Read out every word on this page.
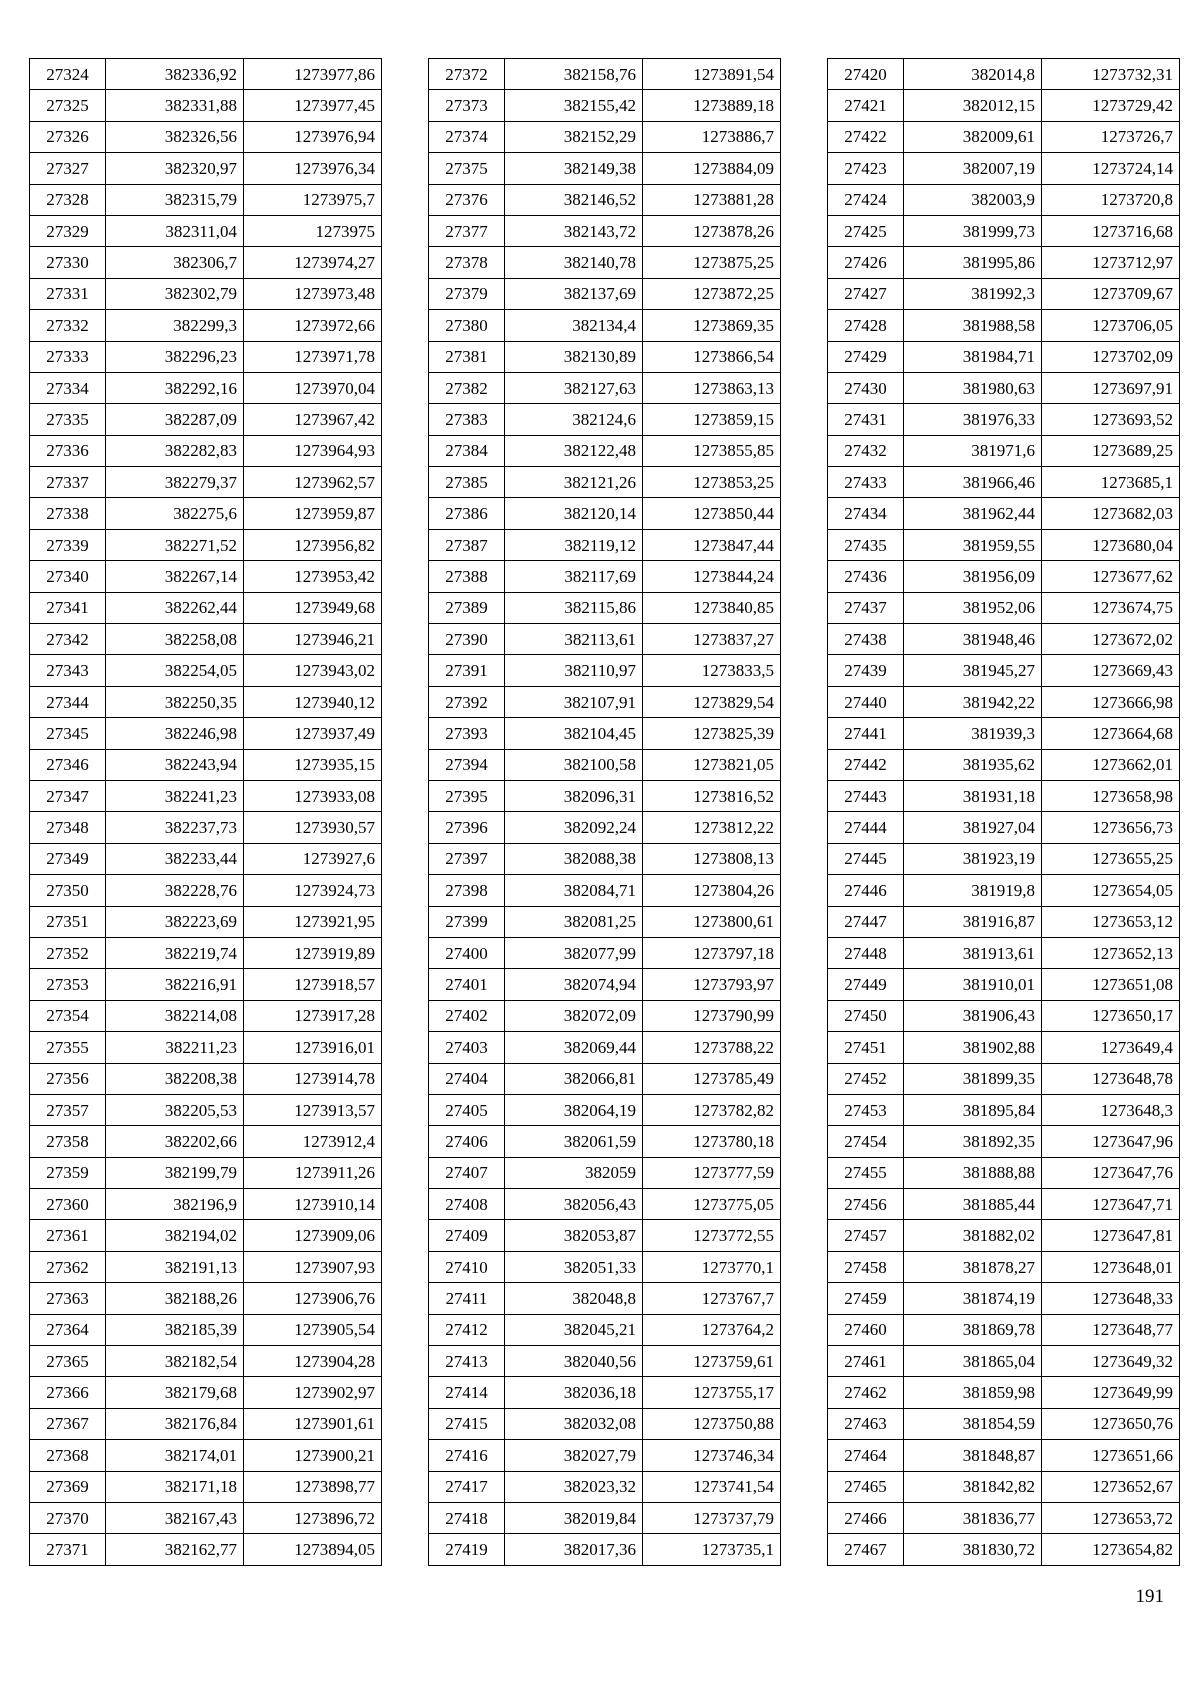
27324	382336,92	1273977,86
27325	382331,88	1273977,45
27326	382326,56	1273976,94
27327	382320,97	1273976,34
27328	382315,79	1273975,7
27329	382311,04	1273975
27330	382306,7	1273974,27
27331	382302,79	1273973,48
27332	382299,3	1273972,66
27333	382296,23	1273971,78
27334	382292,16	1273970,04
27335	382287,09	1273967,42
27336	382282,83	1273964,93
27337	382279,37	1273962,57
27338	382275,6	1273959,87
27339	382271,52	1273956,82
27340	382267,14	1273953,42
27341	382262,44	1273949,68
27342	382258,08	1273946,21
27343	382254,05	1273943,02
27344	382250,35	1273940,12
27345	382246,98	1273937,49
27346	382243,94	1273935,15
27347	382241,23	1273933,08
27348	382237,73	1273930,57
27349	382233,44	1273927,6
27350	382228,76	1273924,73
27351	382223,69	1273921,95
27352	382219,74	1273919,89
27353	382216,91	1273918,57
27354	382214,08	1273917,28
27355	382211,23	1273916,01
27356	382208,38	1273914,78
27357	382205,53	1273913,57
27358	382202,66	1273912,4
27359	382199,79	1273911,26
27360	382196,9	1273910,14
27361	382194,02	1273909,06
27362	382191,13	1273907,93
27363	382188,26	1273906,76
27364	382185,39	1273905,54
27365	382182,54	1273904,28
27366	382179,68	1273902,97
27367	382176,84	1273901,61
27368	382174,01	1273900,21
27369	382171,18	1273898,77
27370	382167,43	1273896,72
27371	382162,77	1273894,05
27372	382158,76	1273891,54
27373	382155,42	1273889,18
27374	382152,29	1273886,7
27375	382149,38	1273884,09
27376	382146,52	1273881,28
27377	382143,72	1273878,26
27378	382140,78	1273875,25
27379	382137,69	1273872,25
27380	382134,4	1273869,35
27381	382130,89	1273866,54
27382	382127,63	1273863,13
27383	382124,6	1273859,15
27384	382122,48	1273855,85
27385	382121,26	1273853,25
27386	382120,14	1273850,44
27387	382119,12	1273847,44
27388	382117,69	1273844,24
27389	382115,86	1273840,85
27390	382113,61	1273837,27
27391	382110,97	1273833,5
27392	382107,91	1273829,54
27393	382104,45	1273825,39
27394	382100,58	1273821,05
27395	382096,31	1273816,52
27396	382092,24	1273812,22
27397	382088,38	1273808,13
27398	382084,71	1273804,26
27399	382081,25	1273800,61
27400	382077,99	1273797,18
27401	382074,94	1273793,97
27402	382072,09	1273790,99
27403	382069,44	1273788,22
27404	382066,81	1273785,49
27405	382064,19	1273782,82
27406	382061,59	1273780,18
27407	382059	1273777,59
27408	382056,43	1273775,05
27409	382053,87	1273772,55
27410	382051,33	1273770,1
27411	382048,8	1273767,7
27412	382045,21	1273764,2
27413	382040,56	1273759,61
27414	382036,18	1273755,17
27415	382032,08	1273750,88
27416	382027,79	1273746,34
27417	382023,32	1273741,54
27418	382019,84	1273737,79
27419	382017,36	1273735,1
27420	382014,8	1273732,31
27421	382012,15	1273729,42
27422	382009,61	1273726,7
27423	382007,19	1273724,14
27424	382003,9	1273720,8
27425	381999,73	1273716,68
27426	381995,86	1273712,97
27427	381992,3	1273709,67
27428	381988,58	1273706,05
27429	381984,71	1273702,09
27430	381980,63	1273697,91
27431	381976,33	1273693,52
27432	381971,6	1273689,25
27433	381966,46	1273685,1
27434	381962,44	1273682,03
27435	381959,55	1273680,04
27436	381956,09	1273677,62
27437	381952,06	1273674,75
27438	381948,46	1273672,02
27439	381945,27	1273669,43
27440	381942,22	1273666,98
27441	381939,3	1273664,68
27442	381935,62	1273662,01
27443	381931,18	1273658,98
27444	381927,04	1273656,73
27445	381923,19	1273655,25
27446	381919,8	1273654,05
27447	381916,87	1273653,12
27448	381913,61	1273652,13
27449	381910,01	1273651,08
27450	381906,43	1273650,17
27451	381902,88	1273649,4
27452	381899,35	1273648,78
27453	381895,84	1273648,3
27454	381892,35	1273647,96
27455	381888,88	1273647,76
27456	381885,44	1273647,71
27457	381882,02	1273647,81
27458	381878,27	1273648,01
27459	381874,19	1273648,33
27460	381869,78	1273648,77
27461	381865,04	1273649,32
27462	381859,98	1273649,99
27463	381854,59	1273650,76
27464	381848,87	1273651,66
27465	381842,82	1273652,67
27466	381836,77	1273653,72
27467	381830,72	1273654,82
191
